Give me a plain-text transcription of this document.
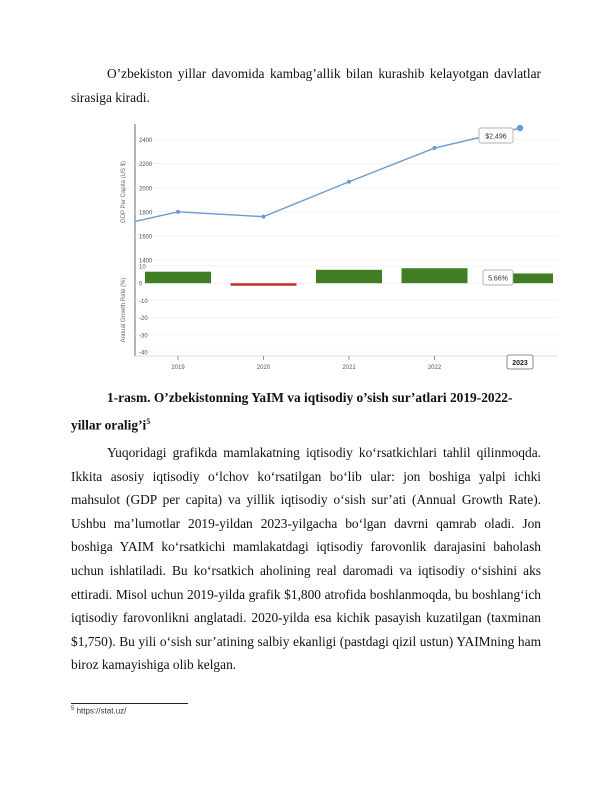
O’zbekiston yillar davomida kambag’allik bilan kurashib kelayotgan davlatlar sirasiga kiradi.

2400
2200
2000
1800
1600
1400
10
0
-10
-20
-30
-40
2019	2020	2021	2022
GDP Per Capita (US $)
Annual Growth Rate (%)
$2,496
5.66%
2023

1-rasm. O’zbekistonning YaIM va iqtisodiy o’sish sur’atlari 2019-2022-yillar $oralig’i^5$

Yuqoridagi grafikda mamlakatning iqtisodiy ko‘rsatkichlari tahlil qilinmoqda. Ikkita asosiy iqtisodiy o‘lchov ko‘rsatilgan bo‘lib ular: jon boshiga yalpi ichki mahsulot (GDP per capita) va yillik iqtisodiy o‘sish sur’ati (Annual Growth Rate). Ushbu ma’lumotlar 2019-yildan 2023-yilgacha bo‘lgan davrni qamrab oladi. Jon boshiga YAIM ko‘rsatkichi mamlakatdagi iqtisodiy farovonlik darajasini baholash uchun ishlatiladi. Bu ko‘rsatkich aholining real daromadi va iqtisodiy o‘sishini aks ettiradi. Misol uchun 2019-yilda grafik $1,800 atrofida boshlanmoqda, bu boshlang‘ich iqtisodiy farovonlikni anglatadi. 2020-yilda esa kichik pasayish kuzatilgan (taxminan $1,750). Bu yili o‘sish sur’atining salbiy ekanligi (pastdagi qizil ustun) YAIMning ham biroz kamayishiga olib kelgan.

$^5$ https://stat.uz/
